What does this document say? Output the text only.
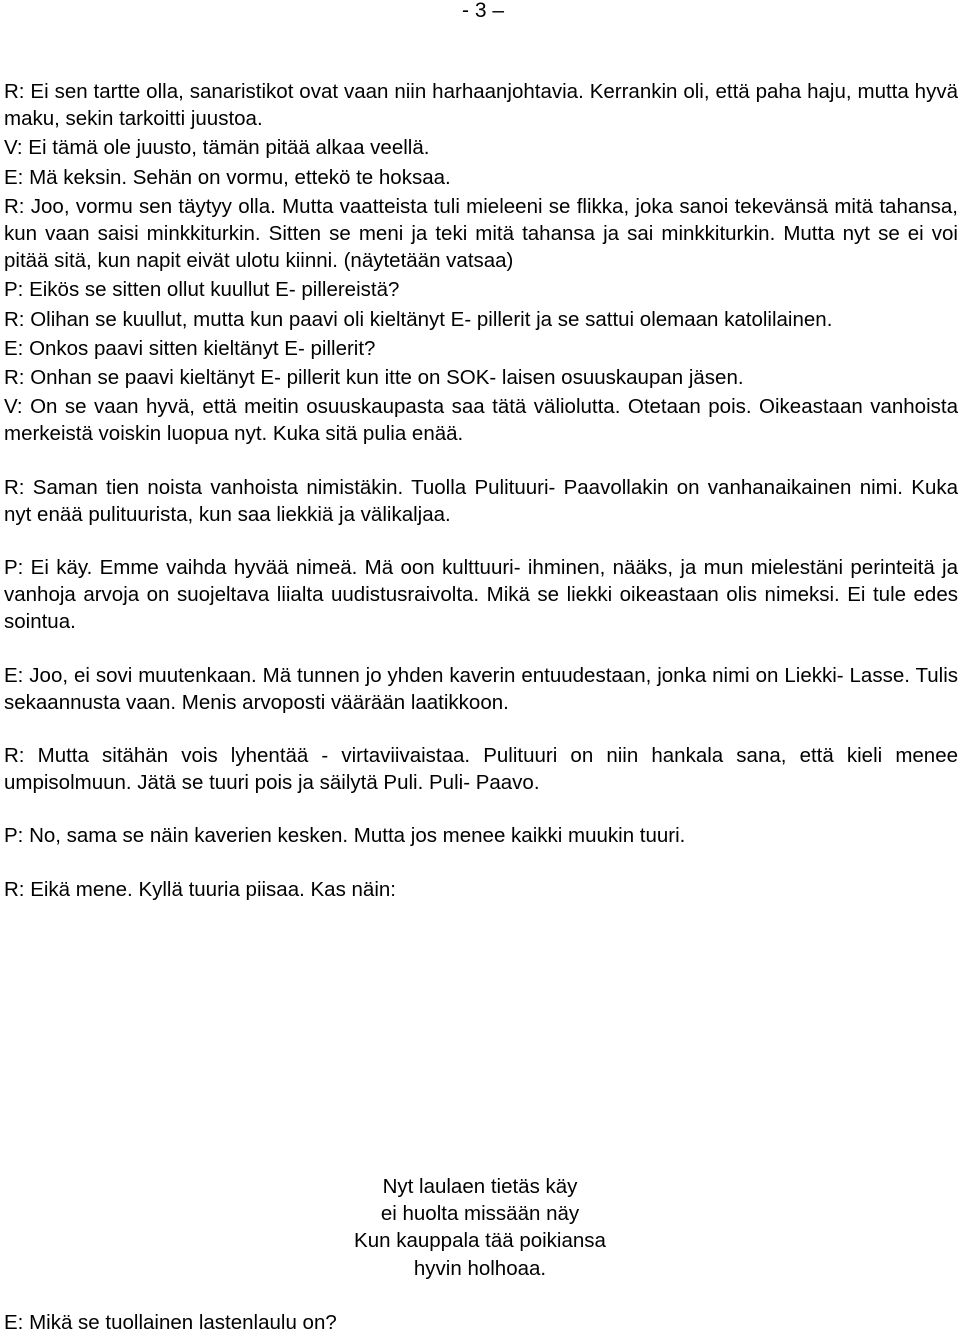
- 3 –

R: Ei sen tartte olla, sanaristikot ovat vaan niin harhaanjohtavia. Kerrankin oli, että paha haju, mutta hyvä maku, sekin tarkoitti juustoa.

V: Ei tämä ole juusto, tämän pitää alkaa veellä.

E: Mä keksin. Sehän on vormu, ettekö te hoksaa.

R: Joo, vormu sen täytyy olla. Mutta vaatteista tuli mieleeni se flikka, joka sanoi tekevänsä mitä tahansa, kun vaan saisi minkkiturkin. Sitten se meni ja teki mitä tahansa ja sai minkkiturkin. Mutta nyt se ei voi pitää sitä, kun napit eivät ulotu kiinni. (näytetään vatsaa)

P: Eikös se sitten ollut kuullut E- pillereistä?

R: Olihan se kuullut, mutta kun paavi oli kieltänyt E- pillerit ja se sattui olemaan katolilainen.

E: Onkos paavi sitten kieltänyt E- pillerit?

R: Onhan se paavi kieltänyt E- pillerit kun itte on SOK- laisen osuuskaupan jäsen.

V: On se vaan hyvä, että meitin osuuskaupasta saa tätä väliolutta. Otetaan pois. Oikeastaan vanhoista merkeistä voiskin luopua nyt. Kuka sitä pulia enää.

R: Saman tien noista vanhoista nimistäkin. Tuolla Pulituuri- Paavollakin on vanhanaikainen nimi. Kuka nyt enää pulituurista, kun saa liekkiä ja välikaljaa.

P: Ei käy. Emme vaihda hyvää nimeä. Mä oon kulttuuri- ihminen, nääks, ja mun mielestäni perinteitä ja vanhoja arvoja on suojeltava liialta uudistusraivolta. Mikä se liekki oikeastaan olis nimeksi. Ei tule edes sointua.

E: Joo, ei sovi muutenkaan. Mä tunnen jo yhden kaverin entuudestaan, jonka nimi on Liekki- Lasse. Tulis sekaannusta vaan. Menis arvoposti väärään laatikkoon.

R: Mutta sitähän vois lyhentää - virtaviivaistaa. Pulituuri on niin hankala sana, että kieli menee umpisolmuun. Jätä se tuuri pois ja säilytä Puli. Puli- Paavo.

P: No, sama se näin kaverien kesken. Mutta jos menee kaikki muukin tuuri.

R: Eikä mene. Kyllä tuuria piisaa. Kas näin:

Nyt laulaen tietäs käy
ei huolta missään näy
Kun kauppala tää poikiansa
hyvin holhoaa.
E: Mikä se tuollainen lastenlaulu on?
